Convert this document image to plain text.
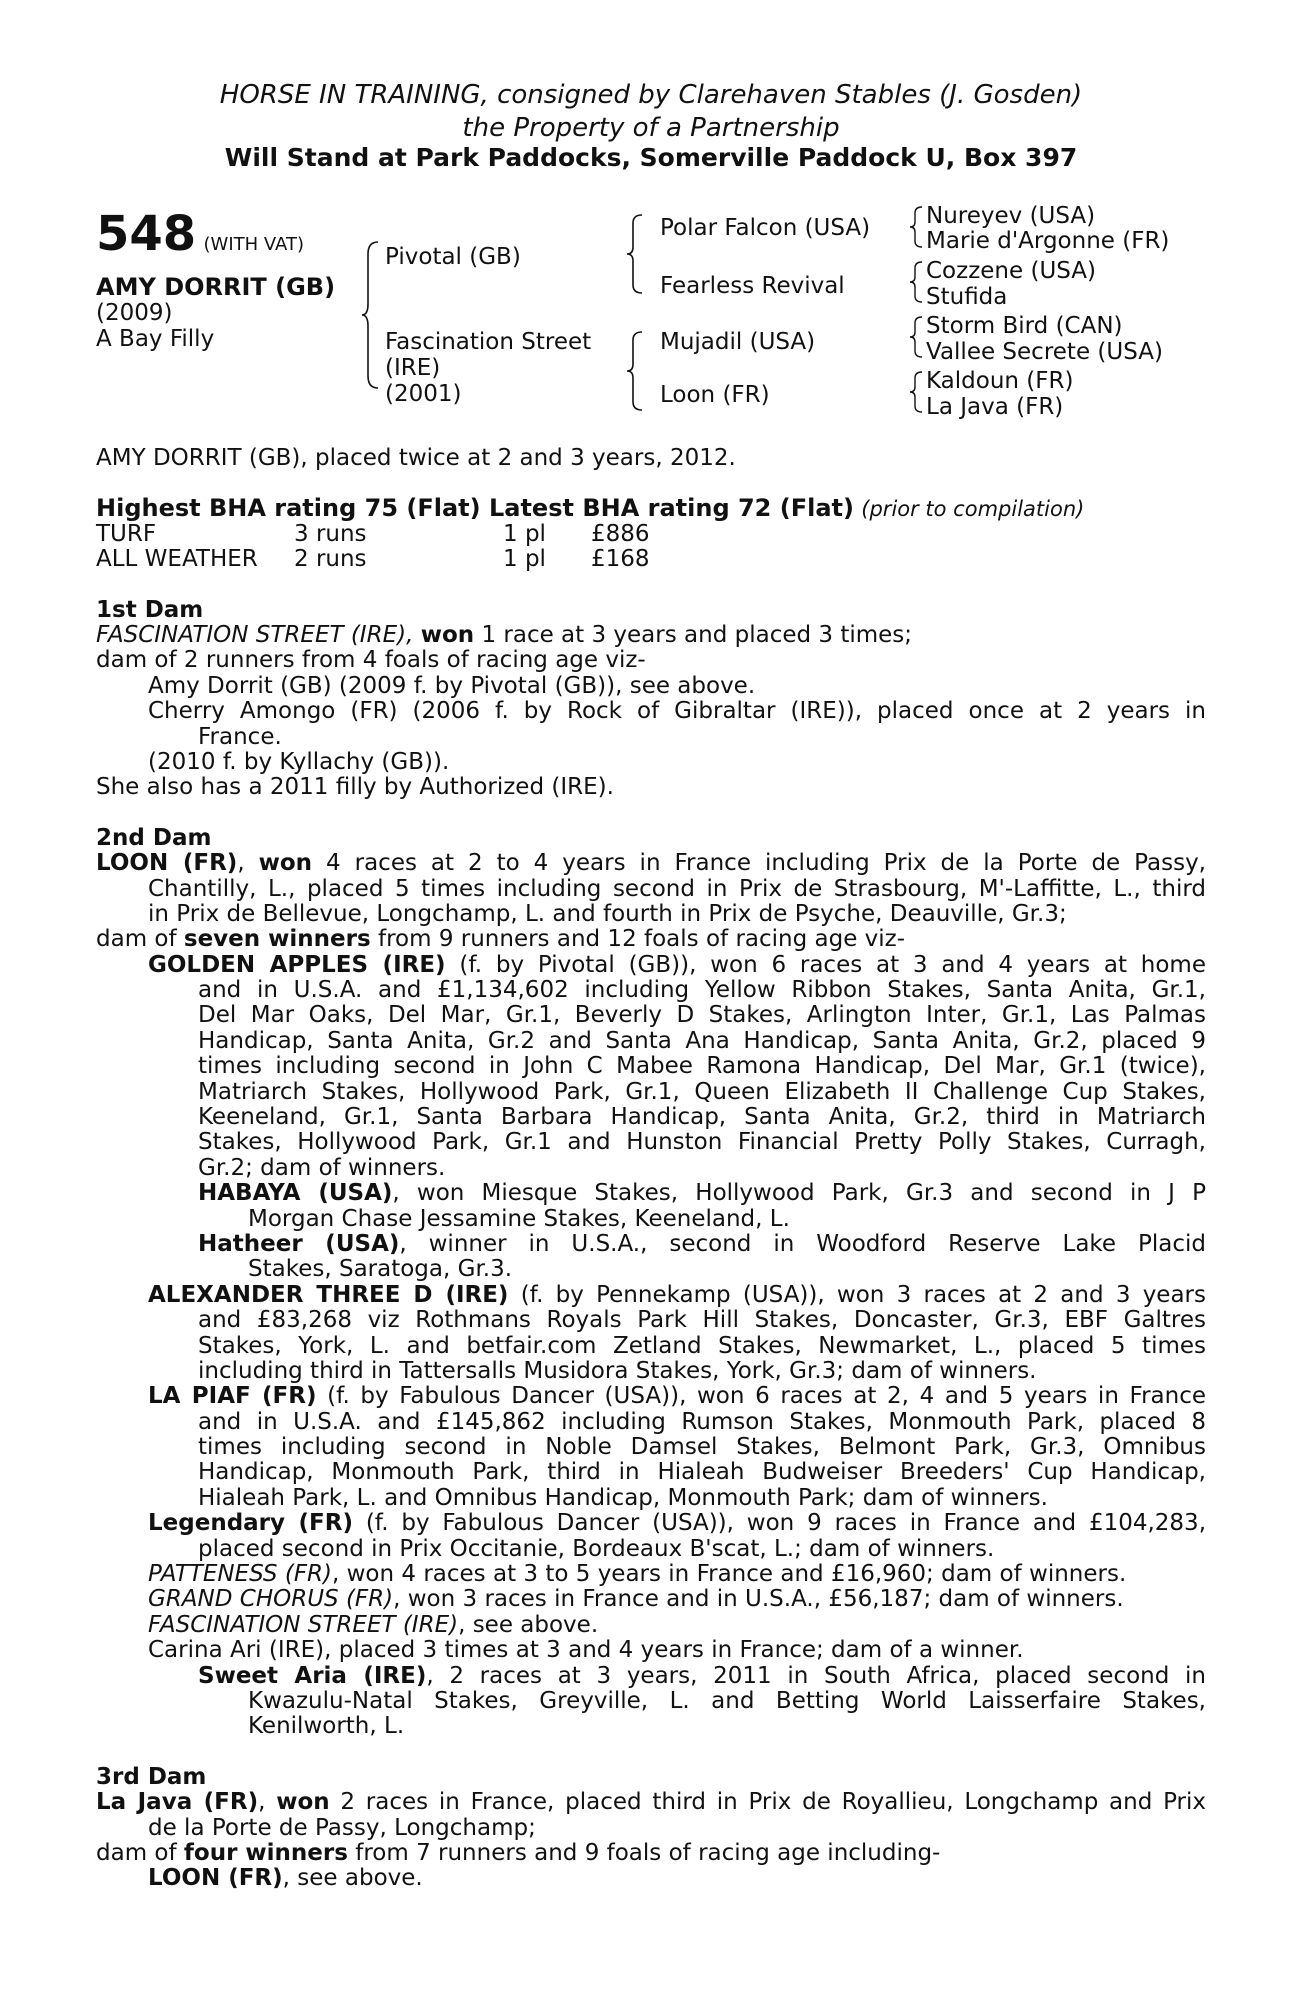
HORSE IN TRAINING, consigned by Clarehaven Stables (J. Gosden)
the Property of a Partnership
Will Stand at Park Paddocks, Somerville Paddock U, Box 397
548 (WITH VAT)
AMY DORRIT (GB)
(2009)
A Bay Filly
Pivotal (GB)
Fascination Street
(IRE)
(2001)
Polar Falcon (USA)
Fearless Revival
Mujadil (USA)
Loon (FR)
Nureyev (USA)
Marie d'Argonne (FR)
Cozzene (USA)
Stufida
Storm Bird (CAN)
Vallee Secrete (USA)
Kaldoun (FR)
La Java (FR)
AMY DORRIT (GB), placed twice at 2 and 3 years, 2012.
Highest BHA rating 75 (Flat) Latest BHA rating 72 (Flat) (prior to compilation)
TURF	3 runs	1 pl	£886
ALL WEATHER	2 runs	1 pl	£168
1st Dam
FASCINATION STREET (IRE), won 1 race at 3 years and placed 3 times;
dam of 2 runners from 4 foals of racing age viz-
Amy Dorrit (GB) (2009 f. by Pivotal (GB)), see above.
Cherry Amongo (FR) (2006 f. by Rock of Gibraltar (IRE)), placed once at 2 years in
France.
(2010 f. by Kyllachy (GB)).
She also has a 2011 filly by Authorized (IRE).
2nd Dam
LOON (FR), won 4 races at 2 to 4 years in France including Prix de la Porte de Passy,
Chantilly, L., placed 5 times including second in Prix de Strasbourg, M'-Laffitte, L., third
in Prix de Bellevue, Longchamp, L. and fourth in Prix de Psyche, Deauville, Gr.3;
dam of seven winners from 9 runners and 12 foals of racing age viz-
GOLDEN APPLES (IRE) (f. by Pivotal (GB)), won 6 races at 3 and 4 years at home
and in U.S.A. and £1,134,602 including Yellow Ribbon Stakes, Santa Anita, Gr.1,
Del Mar Oaks, Del Mar, Gr.1, Beverly D Stakes, Arlington Inter, Gr.1, Las Palmas
Handicap, Santa Anita, Gr.2 and Santa Ana Handicap, Santa Anita, Gr.2, placed 9
times including second in John C Mabee Ramona Handicap, Del Mar, Gr.1 (twice),
Matriarch Stakes, Hollywood Park, Gr.1, Queen Elizabeth II Challenge Cup Stakes,
Keeneland, Gr.1, Santa Barbara Handicap, Santa Anita, Gr.2, third in Matriarch
Stakes, Hollywood Park, Gr.1 and Hunston Financial Pretty Polly Stakes, Curragh,
Gr.2; dam of winners.
HABAYA (USA), won Miesque Stakes, Hollywood Park, Gr.3 and second in J P
Morgan Chase Jessamine Stakes, Keeneland, L.
Hatheer (USA), winner in U.S.A., second in Woodford Reserve Lake Placid
Stakes, Saratoga, Gr.3.
ALEXANDER THREE D (IRE) (f. by Pennekamp (USA)), won 3 races at 2 and 3 years
and £83,268 viz Rothmans Royals Park Hill Stakes, Doncaster, Gr.3, EBF Galtres
Stakes, York, L. and betfair.com Zetland Stakes, Newmarket, L., placed 5 times
including third in Tattersalls Musidora Stakes, York, Gr.3; dam of winners.
LA PIAF (FR) (f. by Fabulous Dancer (USA)), won 6 races at 2, 4 and 5 years in France
and in U.S.A. and £145,862 including Rumson Stakes, Monmouth Park, placed 8
times including second in Noble Damsel Stakes, Belmont Park, Gr.3, Omnibus
Handicap, Monmouth Park, third in Hialeah Budweiser Breeders' Cup Handicap,
Hialeah Park, L. and Omnibus Handicap, Monmouth Park; dam of winners.
Legendary (FR) (f. by Fabulous Dancer (USA)), won 9 races in France and £104,283,
placed second in Prix Occitanie, Bordeaux B'scat, L.; dam of winners.
PATTENESS (FR), won 4 races at 3 to 5 years in France and £16,960; dam of winners.
GRAND CHORUS (FR), won 3 races in France and in U.S.A., £56,187; dam of winners.
FASCINATION STREET (IRE), see above.
Carina Ari (IRE), placed 3 times at 3 and 4 years in France; dam of a winner.
Sweet Aria (IRE), 2 races at 3 years, 2011 in South Africa, placed second in
Kwazulu-Natal Stakes, Greyville, L. and Betting World Laisserfaire Stakes,
Kenilworth, L.
3rd Dam
La Java (FR), won 2 races in France, placed third in Prix de Royallieu, Longchamp and Prix
de la Porte de Passy, Longchamp;
dam of four winners from 7 runners and 9 foals of racing age including-
LOON (FR), see above.
